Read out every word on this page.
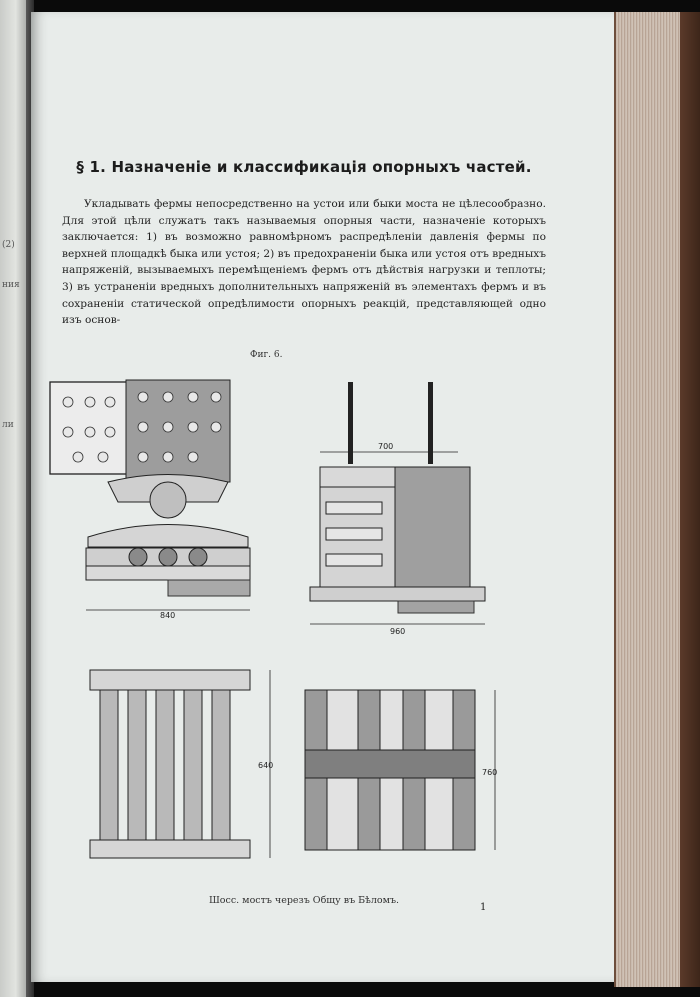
(2)
ния
ли
§ 1. Назначеніе и классификація опорныхъ частей.

Укладывать фермы непосредственно на устои или быки моста не цѣлесообразно. Для этой цѣли служатъ такъ называемыя опорныя части, назначеніе которыхъ заключается: 1) въ возможно равномѣрномъ распредѣленіи давленія фермы по верхней площадкѣ быка или устоя; 2) въ предохраненіи быка или устоя отъ вредныхъ напряженій, вызываемыхъ перемѣщеніемъ фермъ отъ дѣйствія нагрузки и теплоты; 3) въ устраненіи вредныхъ дополнительныхъ напряженій въ элементахъ фермъ и въ сохраненіи статической опредѣлимости опорныхъ реакцій, представляющей одно изъ основ-

Фиг. 6.
840
700
960
640
760
Шосс. мостъ черезъ Общу въ Бѣломъ.
1
